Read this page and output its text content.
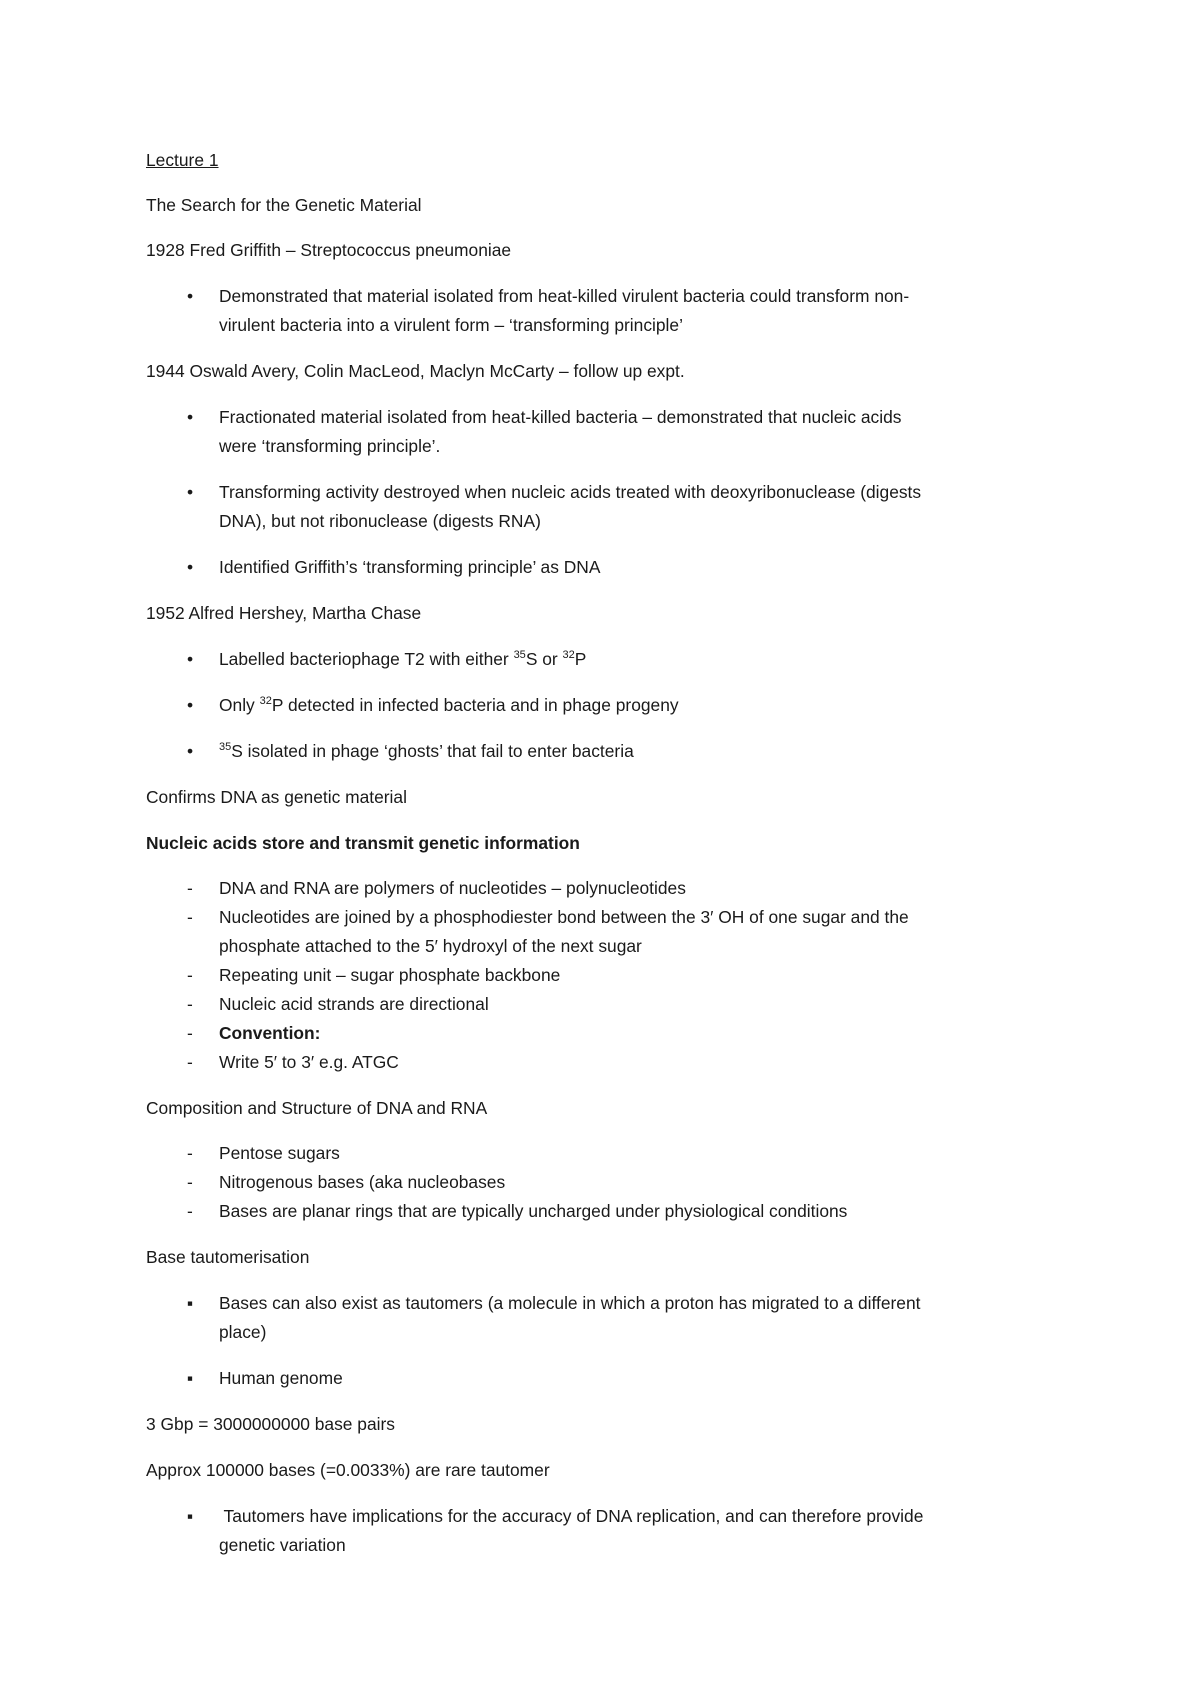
Lecture 1
The Search for the Genetic Material
1928 Fred Griffith – Streptococcus pneumoniae
• Demonstrated that material isolated from heat-killed virulent bacteria could transform non-
virulent bacteria into a virulent form – ‘transforming principle’
1944 Oswald Avery, Colin MacLeod, Maclyn McCarty – follow up expt.
• Fractionated material isolated from heat-killed bacteria – demonstrated that nucleic acids
were ‘transforming principle’.
• Transforming activity destroyed when nucleic acids treated with deoxyribonuclease (digests
DNA), but not ribonuclease (digests RNA)
• Identified Griffith’s ‘transforming principle’ as DNA
1952 Alfred Hershey, Martha Chase
• Labelled bacteriophage T2 with either $^{35}$S or $^{32}$P
• Only $^{32}$P detected in infected bacteria and in phage progeny
•	$^{35}$S isolated in phage ‘ghosts’ that fail to enter bacteria
Confirms DNA as genetic material
Nucleic acids store and transmit genetic information
- DNA and RNA are polymers of nucleotides – polynucleotides
- Nucleotides are joined by a phosphodiester bond between the 3′ OH of one sugar and the
phosphate attached to the 5′ hydroxyl of the next sugar
- Repeating unit – sugar phosphate backbone
- Nucleic acid strands are directional
- Convention:
- Write 5′ to 3′ e.g. ATGC
Composition and Structure of DNA and RNA
- Pentose sugars
- Nitrogenous bases (aka nucleobases
- Bases are planar rings that are typically uncharged under physiological conditions
Base tautomerisation
▪ Bases can also exist as tautomers (a molecule in which a proton has migrated to a different
place)
▪ Human genome
3 Gbp = 3000000000 base pairs
Approx 100000 bases (=0.0033%) are rare tautomer
▪ Tautomers have implications for the accuracy of DNA replication, and can therefore provide
genetic variation
